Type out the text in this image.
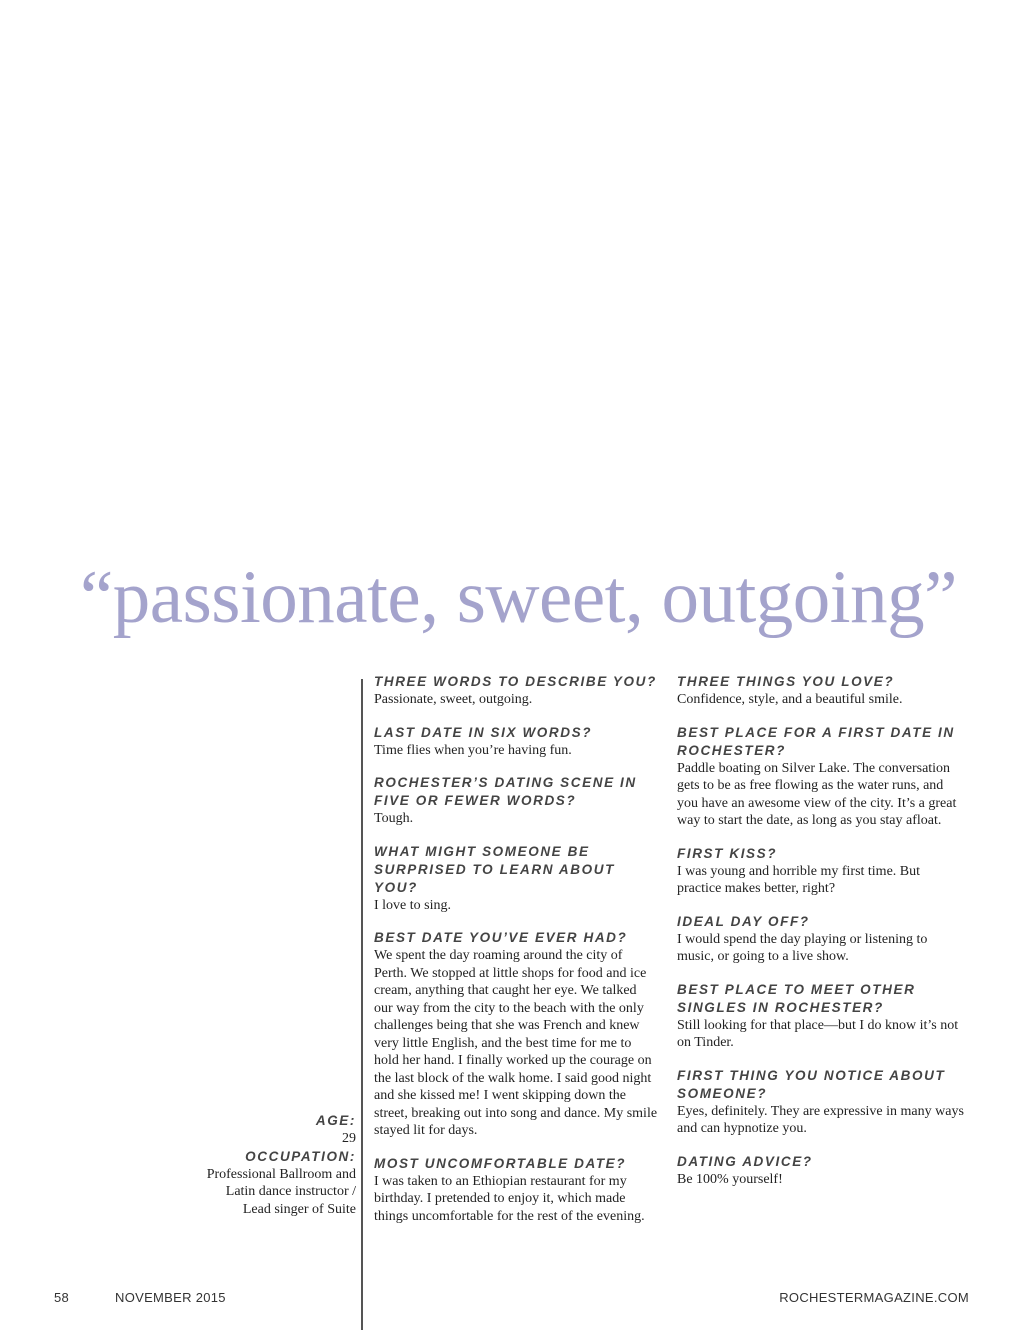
“passionate, sweet, outgoing”

AGE:

29

OCCUPATION:

Professional Ballroom and

Latin dance instructor /

Lead singer of Suite

THREE WORDS TO DESCRIBE YOU?

Passionate, sweet, outgoing.

LAST DATE IN SIX WORDS?

Time flies when you’re having fun.

ROCHESTER’S DATING SCENE IN FIVE OR FEWER WORDS?

Tough.

WHAT MIGHT SOMEONE BE SURPRISED TO LEARN ABOUT YOU?

I love to sing.

BEST DATE YOU’VE EVER HAD?

We spent the day roaming around the city of Perth. We stopped at little shops for food and ice cream, anything that caught her eye. We talked our way from the city to the beach with the only challenges being that she was French and knew very little English, and the best time for me to hold her hand. I finally worked up the courage on the last block of the walk home. I said good night and she kissed me! I went skipping down the street, breaking out into song and dance. My smile stayed lit for days.

MOST UNCOMFORTABLE DATE?

I was taken to an Ethiopian restaurant for my birthday. I pretended to enjoy it, which made things uncomfortable for the rest of the evening.

THREE THINGS YOU LOVE?

Confidence, style, and a beautiful smile.

BEST PLACE FOR A FIRST DATE IN ROCHESTER?

Paddle boating on Silver Lake. The conversation gets to be as free flowing as the water runs, and you have an awesome view of the city. It’s a great way to start the date, as long as you stay afloat.

FIRST KISS?

I was young and horrible my first time. But practice makes better, right?

IDEAL DAY OFF?

I would spend the day playing or listening to music, or going to a live show.

BEST PLACE TO MEET OTHER SINGLES IN ROCHESTER?

Still looking for that place—but I do know it’s not on Tinder.

FIRST THING YOU NOTICE ABOUT SOMEONE?

Eyes, definitely. They are expressive in many ways and can hypnotize you.

DATING ADVICE?

Be 100% yourself!

58	NOVEMBER 2015	ROCHESTERMAGAZINE.COM
